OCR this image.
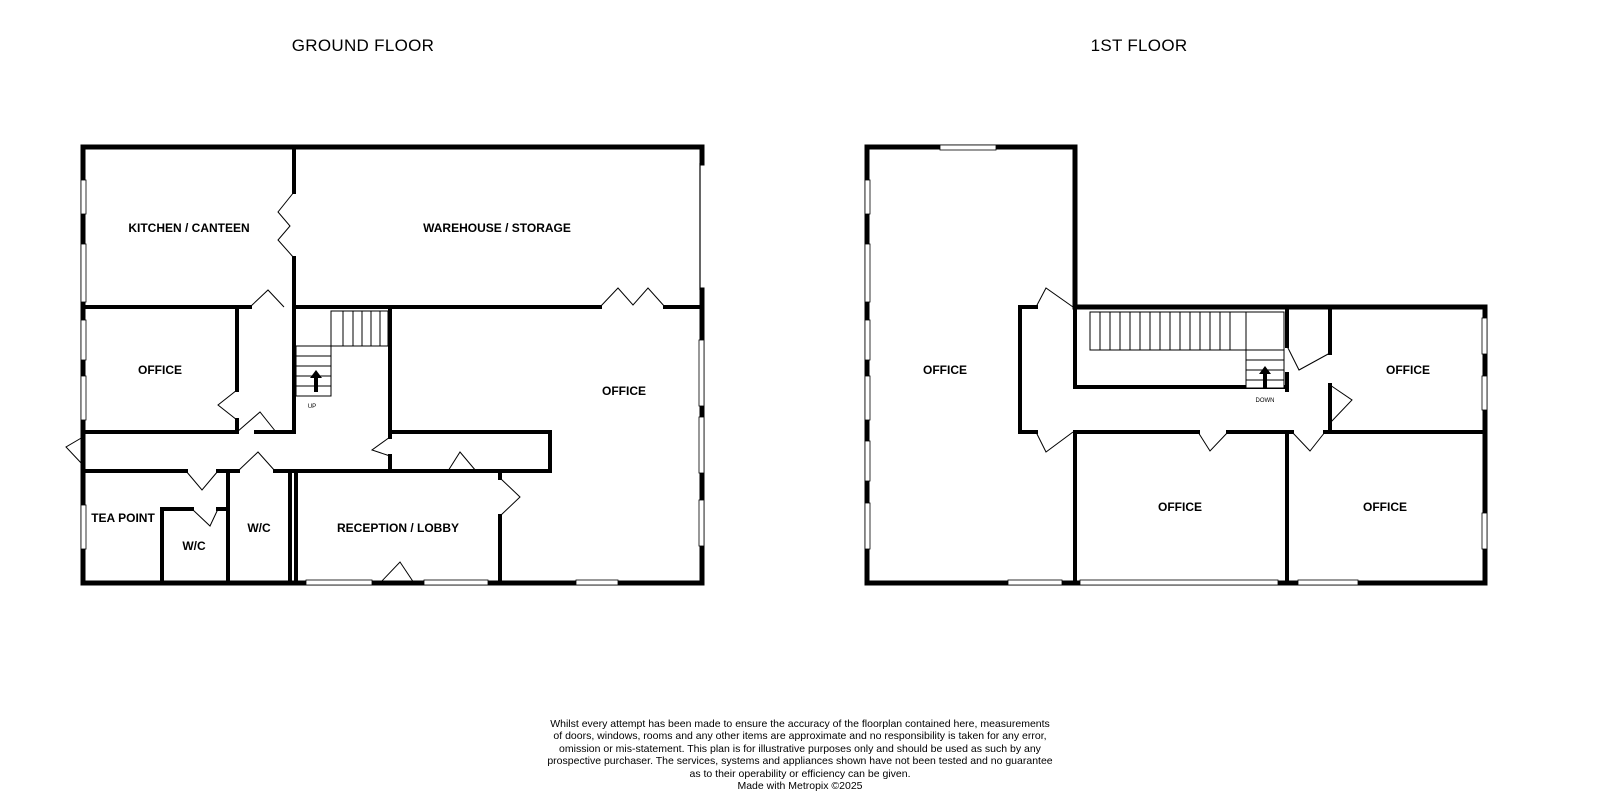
GROUND FLOOR	1ST FLOOR
UP
KITCHEN / CANTEEN	WAREHOUSE / STORAGE
OFFICE
OFFICE
TEA POINT
W/C
W/C	RECEPTION / LOBBY
DOWN
OFFICE	OFFICE
OFFICE	OFFICE
Whilst every attempt has been made to ensure the accuracy of the floorplan contained here, measurements
of doors, windows, rooms and any other items are approximate and no responsibility is taken for any error,
omission or mis-statement. This plan is for illustrative purposes only and should be used as such by any
prospective purchaser. The services, systems and appliances shown have not been tested and no guarantee
as to their operability or efficiency can be given.
Made with Metropix ©2025
